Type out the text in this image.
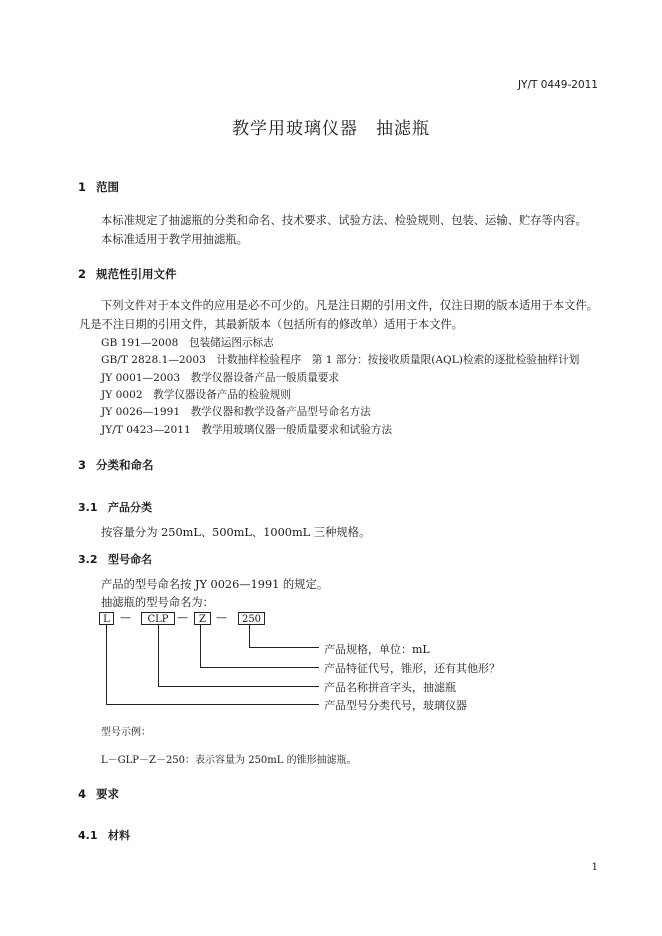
JY/T 0449-2011
教学用玻璃仪器　抽滤瓶
1 范围
本标准规定了抽滤瓶的分类和命名、技术要求、试验方法、检验规则、包装、运输、贮存等内容。
本标准适用于教学用抽滤瓶。
2 规范性引用文件
下列文件对于本文件的应用是必不可少的。凡是注日期的引用文件，仅注日期的版本适用于本文件。
凡是不注日期的引用文件，其最新版本（包括所有的修改单）适用于本文件。
GB 191—2008　包装储运图示标志
GB/T 2828.1—2003　计数抽样检验程序　第 1 部分：按接收质量限(AQL)检索的逐批检验抽样计划
JY 0001—2003　教学仪器设备产品一般质量要求
JY 0002　教学仪器设备产品的检验规则
JY 0026—1991　教学仪器和教学设备产品型号命名方法
JY/T 0423—2011　教学用玻璃仪器一般质量要求和试验方法
3 分类和命名
3.1 产品分类
按容量分为 250mL、500mL、1000mL 三种规格。
3.2 型号命名
产品的型号命名按 JY 0026—1991 的规定。
抽滤瓶的型号命名为：
L —	CLP —	Z —	250
产品规格，单位：mL
产品特征代号，锥形，还有其他形？
产品名称拼音字头，抽滤瓶
产品型号分类代号，玻璃仪器
型号示例：
L－GLP－Z－250：表示容量为 250mL 的锥形抽滤瓶。
4 要求
4.1 材料
1
